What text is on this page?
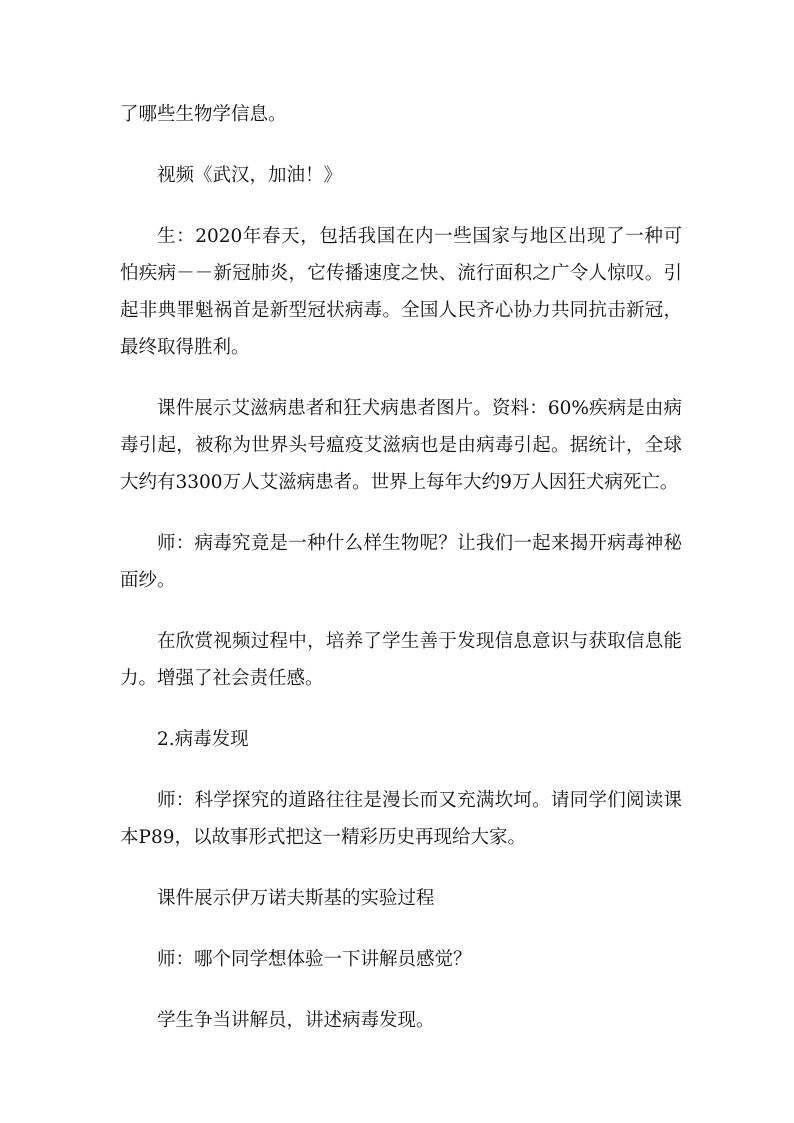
了哪些生物学信息。

视频《武汉，加油！》

生：2020年春天，包括我国在内一些国家与地区出现了一种可怕疾病－－新冠肺炎，它传播速度之快、流行面积之广令人惊叹。引起非典罪魁祸首是新型冠状病毒。全国人民齐心协力共同抗击新冠，最终取得胜利。

课件展示艾滋病患者和狂犬病患者图片。资料：60%疾病是由病毒引起，被称为世界头号瘟疫艾滋病也是由病毒引起。据统计，全球大约有3300万人艾滋病患者。世界上每年大约9万人因狂犬病死亡。

师：病毒究竟是一种什么样生物呢？让我们一起来揭开病毒神秘面纱。

在欣赏视频过程中，培养了学生善于发现信息意识与获取信息能力。增强了社会责任感。

2.病毒发现

师：科学探究的道路往往是漫长而又充满坎坷。请同学们阅读课本P89，以故事形式把这一精彩历史再现给大家。

课件展示伊万诺夫斯基的实验过程

师：哪个同学想体验一下讲解员感觉？

学生争当讲解员，讲述病毒发现。
